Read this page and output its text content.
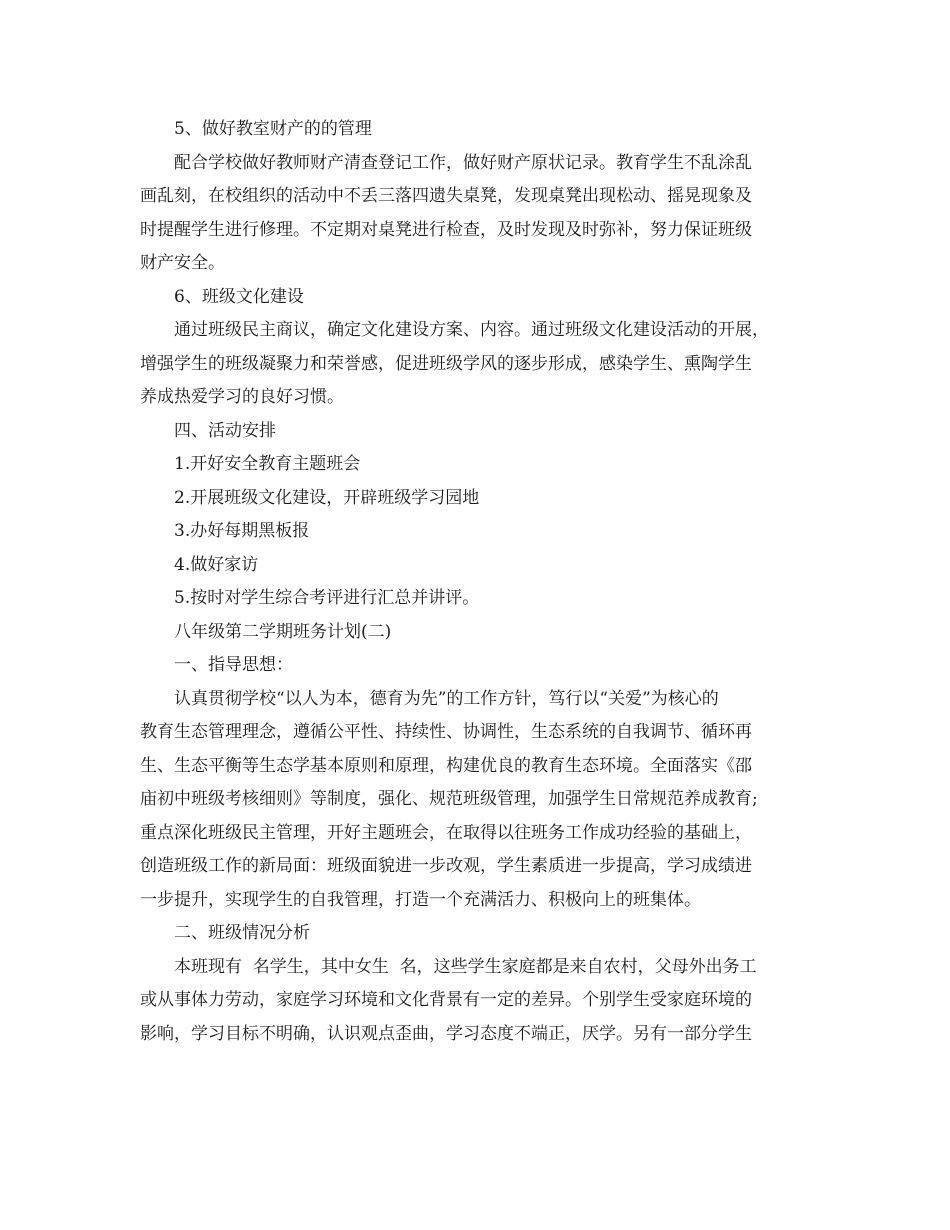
5、做好教室财产的的管理
配合学校做好教师财产清查登记工作，做好财产原状记录。教育学生不乱涂乱
画乱刻，在校组织的活动中不丢三落四遗失桌凳，发现桌凳出现松动、摇晃现象及
时提醒学生进行修理。不定期对桌凳进行检查，及时发现及时弥补，努力保证班级
财产安全。
6、班级文化建设
通过班级民主商议，确定文化建设方案、内容。通过班级文化建设活动的开展，
增强学生的班级凝聚力和荣誉感，促进班级学风的逐步形成，感染学生、熏陶学生
养成热爱学习的良好习惯。
四、活动安排
1.开好安全教育主题班会
2.开展班级文化建设，开辟班级学习园地
3.办好每期黑板报
4.做好家访
5.按时对学生综合考评进行汇总并讲评。
八年级第二学期班务计划(二)
一、指导思想：
认真贯彻学校“以人为本，德育为先”的工作方针，笃行以“关爱”为核心的
教育生态管理理念，遵循公平性、持续性、协调性，生态系统的自我调节、循环再
生、生态平衡等生态学基本原则和原理，构建优良的教育生态环境。全面落实《邵
庙初中班级考核细则》等制度，强化、规范班级管理，加强学生日常规范养成教育;
重点深化班级民主管理，开好主题班会，在取得以往班务工作成功经验的基础上，
创造班级工作的新局面：班级面貌进一步改观，学生素质进一步提高，学习成绩进
一步提升，实现学生的自我管理，打造一个充满活力、积极向上的班集体。
二、班级情况分析
本班现有  名学生，其中女生  名，这些学生家庭都是来自农村，父母外出务工
或从事体力劳动，家庭学习环境和文化背景有一定的差异。个别学生受家庭环境的
影响，学习目标不明确，认识观点歪曲，学习态度不端正，厌学。另有一部分学生
